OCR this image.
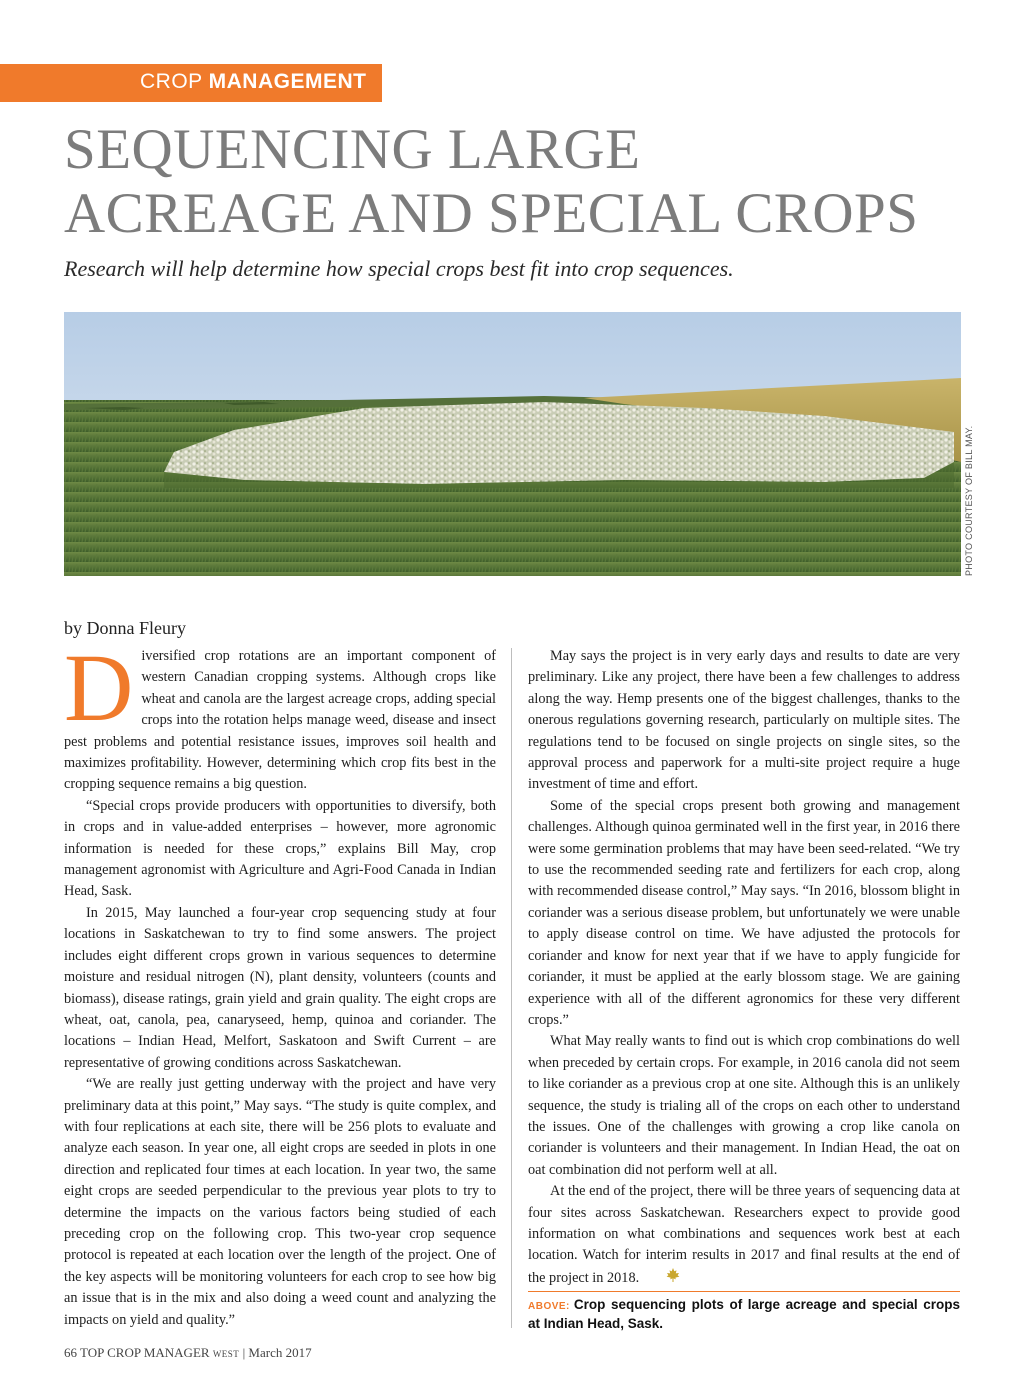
CROP MANAGEMENT
SEQUENCING LARGE
ACREAGE AND SPECIAL CROPS
Research will help determine how special crops best fit into crop sequences.
PHOTO COURTESY OF BILL MAY.
by Donna Fleury

Diversified crop rotations are an important component of western Canadian cropping systems. Although crops like wheat and canola are the largest acreage crops, adding special crops into the rotation helps manage weed, disease and insect pest problems and potential resistance issues, improves soil health and maximizes profitability. However, determining which crop fits best in the cropping sequence remains a big question.

“Special crops provide producers with opportunities to diversify, both in crops and in value-added enterprises – however, more agronomic information is needed for these crops,” explains Bill May, crop management agronomist with Agriculture and Agri-Food Canada in Indian Head, Sask.

In 2015, May launched a four-year crop sequencing study at four locations in Saskatchewan to try to find some answers. The project includes eight different crops grown in various sequences to determine moisture and residual nitrogen (N), plant density, volunteers (counts and biomass), disease ratings, grain yield and grain quality. The eight crops are wheat, oat, canola, pea, canaryseed, hemp, quinoa and coriander. The locations – Indian Head, Melfort, Saskatoon and Swift Current – are representative of growing conditions across Saskatchewan.

“We are really just getting underway with the project and have very preliminary data at this point,” May says. “The study is quite complex, and with four replications at each site, there will be 256 plots to evaluate and analyze each season. In year one, all eight crops are seeded in plots in one direction and replicated four times at each location. In year two, the same eight crops are seeded perpendicular to the previous year plots to try to determine the impacts on the various factors being studied of each preceding crop on the following crop. This two-year crop sequence protocol is repeated at each location over the length of the project. One of the key aspects will be monitoring volunteers for each crop to see how big an issue that is in the mix and also doing a weed count and analyzing the impacts on yield and quality.”

May says the project is in very early days and results to date are very preliminary. Like any project, there have been a few challenges to address along the way. Hemp presents one of the biggest challenges, thanks to the onerous regulations governing research, particularly on multiple sites. The regulations tend to be focused on single projects on single sites, so the approval process and paperwork for a multi-site project require a huge investment of time and effort.

Some of the special crops present both growing and management challenges. Although quinoa germinated well in the first year, in 2016 there were some germination problems that may have been seed-related. “We try to use the recommended seeding rate and fertilizers for each crop, along with recommended disease control,” May says. “In 2016, blossom blight in coriander was a serious disease problem, but unfortunately we were unable to apply disease control on time. We have adjusted the protocols for coriander and know for next year that if we have to apply fungicide for coriander, it must be applied at the early blossom stage. We are gaining experience with all of the different agronomics for these very different crops.”

What May really wants to find out is which crop combinations do well when preceded by certain crops. For example, in 2016 canola did not seem to like coriander as a previous crop at one site. Although this is an unlikely sequence, the study is trialing all of the crops on each other to understand the issues. One of the challenges with growing a crop like canola on coriander is volunteers and their management. In Indian Head, the oat on oat combination did not perform well at all.

At the end of the project, there will be three years of sequencing data at four sites across Saskatchewan. Researchers expect to provide good information on what combinations and sequences work best at each location. Watch for interim results in 2017 and final results at the end of the project in 2018.

ABOVE: Crop sequencing plots of large acreage and special crops at Indian Head, Sask.
66 TOP CROP MANAGER WEST | March 2017
